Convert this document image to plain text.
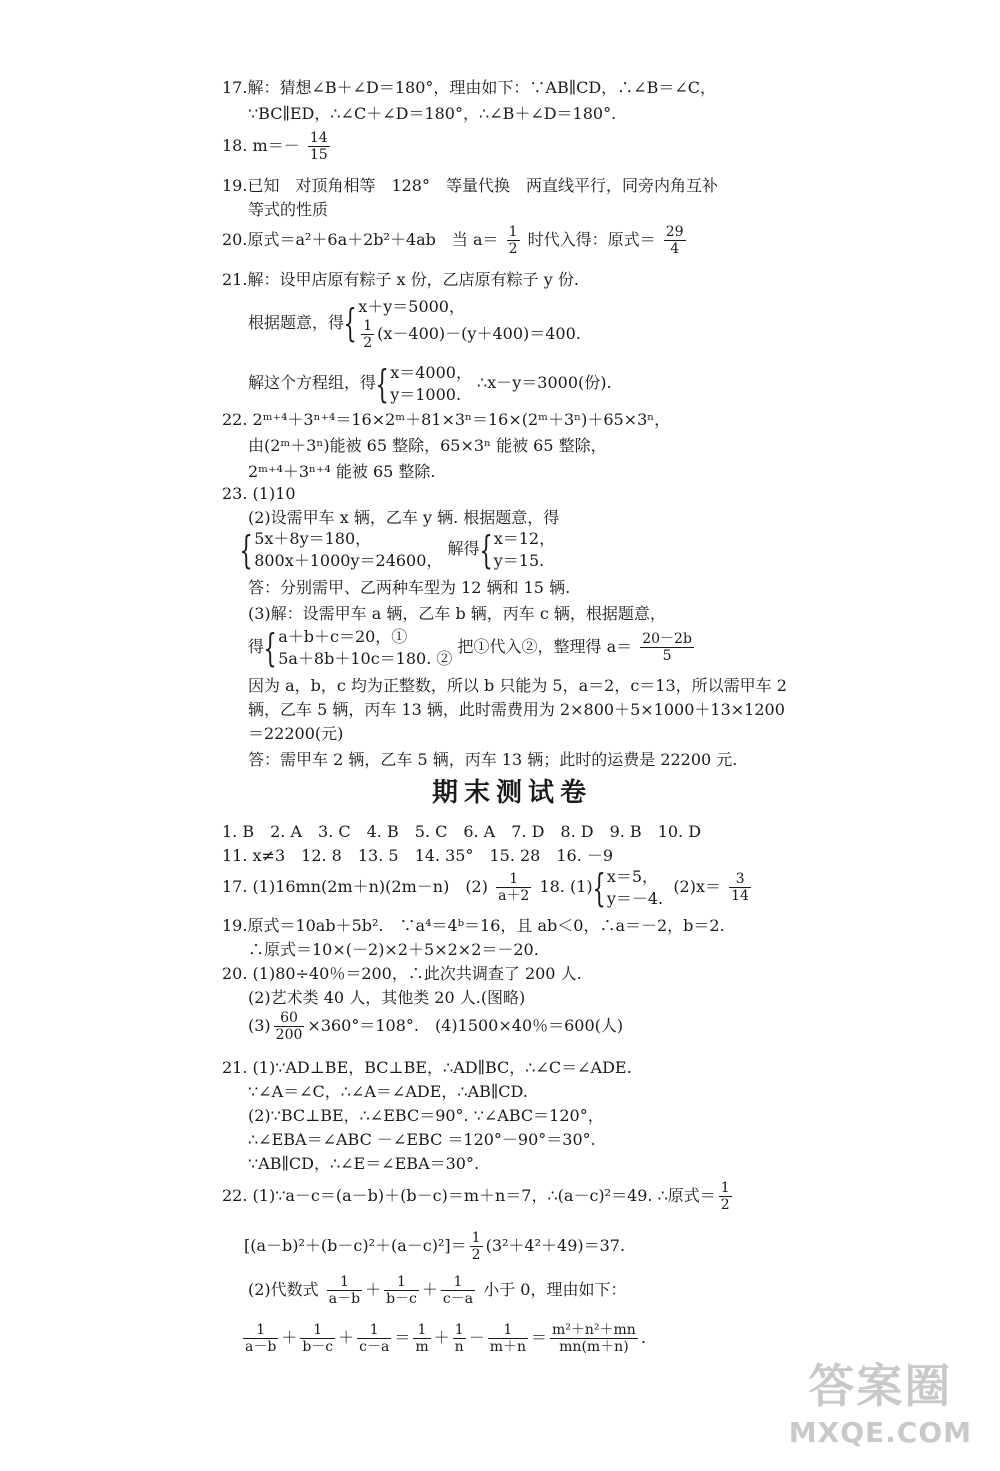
17.解：猜想∠B＋∠D＝180°，理由如下：∵AB∥CD，∴∠B＝∠C，
∵BC∥ED，∴∠C＋∠D＝180°，∴∠B＋∠D＝180°.
18. $m=- \frac{14}{15}$
19.已知　对顶角相等　128°　等量代换　两直线平行，同旁内角互补
等式的性质
20.原式＝a²＋6a＋2b²＋4ab　当 $a= \frac{1}{2}$ 时代入得：原式＝ $\frac{29}{4}$
21.解：设甲店原有粽子 x 份，乙店原有粽子 y 份.
根据题意，得{x＋y＝5000，

$\frac{1}{2} (x-400)-(y+400)=400$.
解这个方程组，得{x＝4000，
y＝1000. ∴x－y＝3000(份).
22. 2ᵐ⁺⁴＋3ⁿ⁺⁴＝16×2ᵐ＋81×3ⁿ＝16×(2ᵐ＋3ⁿ)＋65×3ⁿ，
由(2ᵐ＋3ⁿ)能被 65 整除，65×3ⁿ 能被 65 整除，
2ᵐ⁺⁴＋3ⁿ⁺⁴ 能被 65 整除.
23. (1)10
(2)设需甲车 x 辆，乙车 y 辆. 根据题意，得
{5x＋8y＝180，
800x＋1000y＝24600， 解得{x＝12，
y＝15.
答：分别需甲、乙两种车型为 12 辆和 15 辆.
(3)解：设需甲车 a 辆，乙车 b 辆，丙车 c 辆，根据题意，
得{a＋b＋c＝20，①
5a＋8b＋10c＝180. ② 把①代入②，整理得 $a= \frac{20-2b}{5}$
因为 a，b，c 均为正整数，所以 b 只能为 5，a＝2，c＝13，所以需甲车 2
辆，乙车 5 辆，丙车 13 辆，此时需费用为 2×800＋5×1000＋13×1200
＝22200(元)
答：需甲车 2 辆，乙车 5 辆，丙车 13 辆；此时的运费是 22200 元.
期末测试卷
1. B　2. A　3. C　4. B　5. C　6. A　7. D　8. D　9. B　10. D
11. x≠3　12. 8　13. 5　14. 35°　15. 28　16. －9
17. (1)16mn(2m＋n)(2m－n)　$(2) \frac{1}{a+2} 18$. (1){x＝5，
y＝－4.  $(2)x= \frac{3}{14}$
19.原式＝10ab＋5b².　∵a⁴＝4ᵇ＝16，且 ab＜0，∴a＝－2，b＝2.
∴原式＝10×(－2)×2＋5×2×2＝－20.
20. (1)80÷40％＝200，∴此次共调查了 200 人.
(2)艺术类 40 人，其他类 20 人.(图略)
$(3) \frac{60}{200} \times 360^\circ=108^\circ$.　(4)1500×40％＝600(人)
21. (1)∵AD⊥BE，BC⊥BE，∴AD∥BC，∴∠C＝∠ADE.
∵∠A＝∠C，∴∠A＝∠ADE，∴AB∥CD.
(2)∵BC⊥BE，∴∠EBC＝90°. ∵∠ABC＝120°，
∴∠EBA＝∠ABC －∠EBC ＝120°－90°＝30°.
∵AB∥CD，∴∠E＝∠EBA＝30°.
22. (1)∵a－c＝(a－b)＋(b－c)＝m＋n＝7，∴(a－c)²＝49. ∴原式＝ $\frac{1}{2}$
$[(a-b)^2+(b-c)^2+(a-c)^2]= \frac{1}{2} (3^2+4^2+49)=37$.
(2)代数式 $\frac{1}{a-b} + \frac{1}{b-c} + \frac{1}{c-a}$ 小于 0，理由如下：
$\frac{1}{a-b} + \frac{1}{b-c} + \frac{1}{c-a} = \frac{1}{m} + \frac{1}{n} - \frac{1}{m+n} = \frac{\text{m²＋n²＋mn}}{mn(m+n)}$ .
答案圈
MXQE.COM
